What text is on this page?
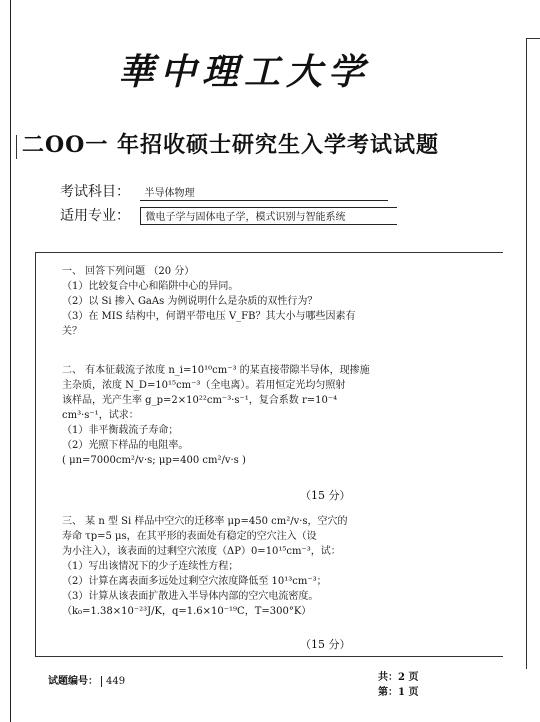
華中理工大学
二OO一 年招收硕士研究生入学考试试题
考试科目： 半导体物理
适用专业： 微电子学与固体电子学，模式识别与智能系统
一、 回答下列问题 （20 分）
（1）比较复合中心和陷阱中心的异同。
（2）以 Si 掺入 GaAs 为例说明什么是杂质的双性行为？
（3）在 MIS 结构中，何谓平带电压 V_FB？其大小与哪些因素有
关？
二、 有本征载流子浓度 n_i=10¹⁰cm⁻³ 的某直接带隙半导体，现掺施
主杂质，浓度 N_D=10¹⁵cm⁻³（全电离）。若用恒定光均匀照射
该样品，光产生率 g_p=2×10²²cm⁻³·s⁻¹，复合系数 r=10⁻⁴
cm³·s⁻¹，试求：
（1）非平衡载流子寿命；
（2）光照下样品的电阻率。
( μn=7000cm²/v·s; μp=400 cm²/v·s )
（15 分）
三、 某 n 型 Si 样品中空穴的迁移率 μp=450 cm²/v·s，空穴的
寿命 τp=5 μs，在其平形的表面处有稳定的空穴注入（设
为小注入），该表面的过剩空穴浓度（ΔP）0=10¹⁵cm⁻³，试：
（1）写出该情况下的少子连续性方程；
（2）计算在离表面多远处过剩空穴浓度降低至 10¹³cm⁻³；
（3）计算从该表面扩散进入半导体内部的空穴电流密度。
（k₀=1.38×10⁻²³J/K，q=1.6×10⁻¹⁹C，T=300°K）
（15 分）
试题编号： 449	共：2 页
第：1 页
